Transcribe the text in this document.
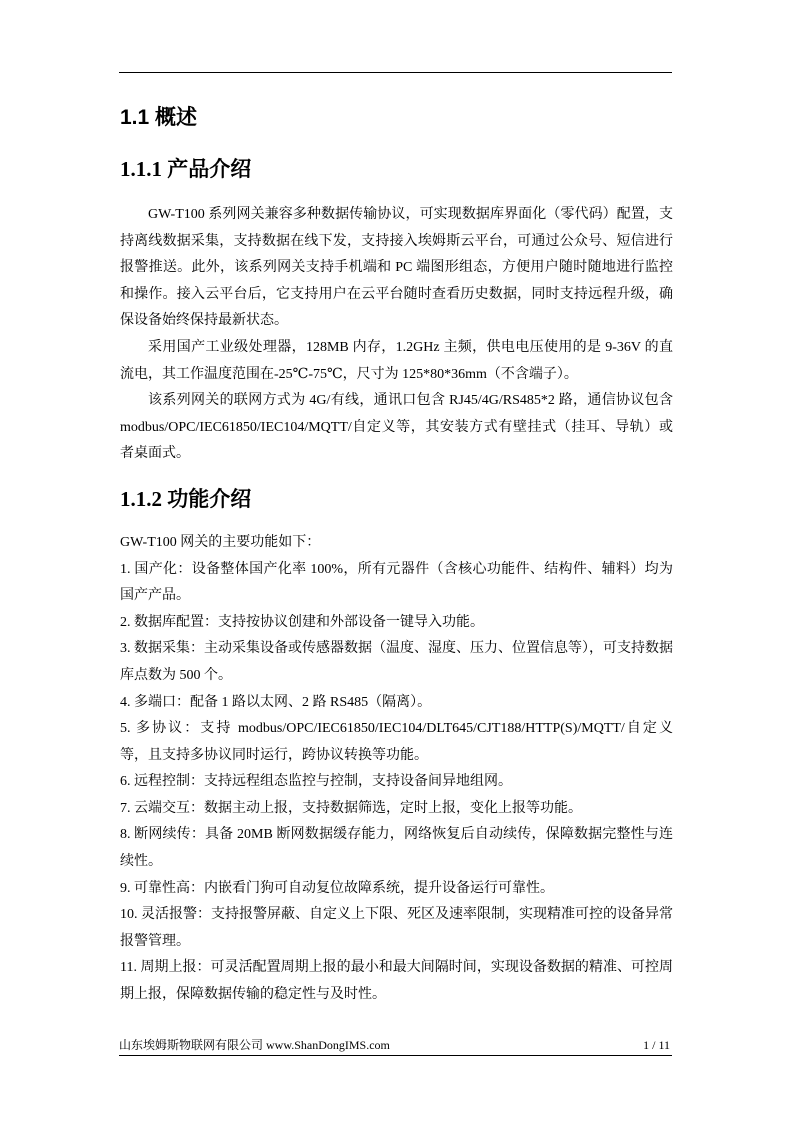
1.1 概述
1.1.1 产品介绍

GW-T100 系列网关兼容多种数据传输协议，可实现数据库界面化（零代码）配置，支持离线数据采集，支持数据在线下发，支持接入埃姆斯云平台，可通过公众号、短信进行报警推送。此外，该系列网关支持手机端和 PC 端图形组态，方便用户随时随地进行监控和操作。接入云平台后，它支持用户在云平台随时查看历史数据，同时支持远程升级，确保设备始终保持最新状态。

采用国产工业级处理器，128MB 内存，1.2GHz 主频，供电电压使用的是 9-36V 的直流电，其工作温度范围在-25℃-75℃，尺寸为 125*80*36mm（不含端子）。

该系列网关的联网方式为 4G/有线，通讯口包含 RJ45/4G/RS485*2 路，通信协议包含 modbus/OPC/IEC61850/IEC104/MQTT/自定义等，其安装方式有壁挂式（挂耳、导轨）或者桌面式。

1.1.2 功能介绍

GW-T100 网关的主要功能如下：

1. 国产化：设备整体国产化率 100%，所有元器件（含核心功能件、结构件、辅料）均为国产产品。

2. 数据库配置：支持按协议创建和外部设备一键导入功能。

3. 数据采集：主动采集设备或传感器数据（温度、湿度、压力、位置信息等），可支持数据库点数为 500 个。

4. 多端口：配备 1 路以太网、2 路 RS485（隔离）。

5. 多协议：支持 modbus/OPC/IEC61850/IEC104/DLT645/CJT188/HTTP(S)/MQTT/自定义等，且支持多协议同时运行，跨协议转换等功能。

6. 远程控制：支持远程组态监控与控制，支持设备间异地组网。

7. 云端交互：数据主动上报，支持数据筛选，定时上报，变化上报等功能。

8. 断网续传：具备 20MB 断网数据缓存能力，网络恢复后自动续传，保障数据完整性与连续性。

9. 可靠性高：内嵌看门狗可自动复位故障系统，提升设备运行可靠性。

10. 灵活报警：支持报警屏蔽、自定义上下限、死区及速率限制，实现精准可控的设备异常报警管理。

11. 周期上报：可灵活配置周期上报的最小和最大间隔时间，实现设备数据的精准、可控周期上报，保障数据传输的稳定性与及时性。

山东埃姆斯物联网有限公司 www.ShanDongIMS.com	1 / 11
